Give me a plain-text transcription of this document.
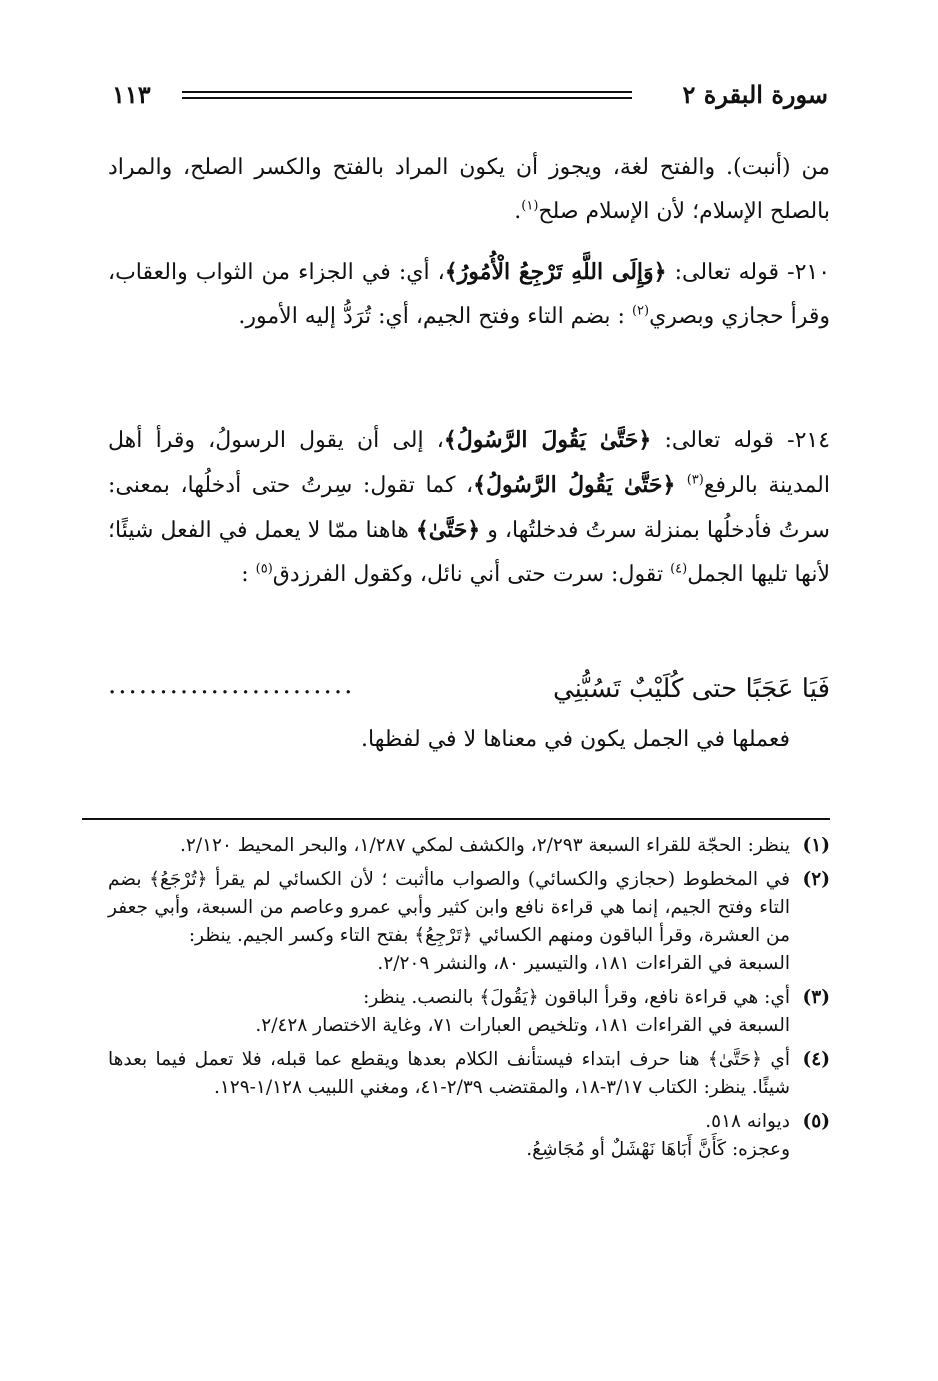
سورة البقرة ٢
١١٣

من (أنبت). والفتح لغة، ويجوز أن يكون المراد بالفتح والكسر الصلح، والمراد بالصلح الإسلام؛ لأن الإسلام صلح$^{(١)}$.

٢١٠- قوله تعالى: ﴿وَإِلَى اللَّهِ تَرْجِعُ الْأُمُورُ﴾، أي: في الجزاء من الثواب والعقاب، وقرأ حجازي وبصري$^{(٢)}$ : بضم التاء وفتح الجيم، أي: تُرَدُّ إليه الأمور.

٢١٤- قوله تعالى: ﴿حَتَّىٰ يَقُولَ الرَّسُولُ﴾، إلى أن يقول الرسولُ، وقرأ أهل المدينة بالرفع$^{(٣)}$ ﴿حَتَّىٰ يَقُولُ الرَّسُولُ﴾، كما تقول: سِرتُ حتى أدخلُها، بمعنى: سرتُ فأدخلُها بمنزلة سرتُ فدخلتُها، و ﴿حَتَّىٰ﴾ هاهنا ممّا لا يعمل في الفعل شيئًا؛ لأنها تليها الجمل$^{(٤)}$ تقول: سرت حتى أني نائل، وكقول الفرزدق$^{(٥)}$ :

فَيَا عَجَبًا حتى كُلَيْبٌ تَسُبُّنِي
........................
فعملها في الجمل يكون في معناها لا في لفظها.
(١)

ينظر: الحجّة للقراء السبعة ٢/٢٩٣، والكشف لمكي ١/٢٨٧، والبحر المحيط ٢/١٢٠.

(٢)

في المخطوط (حجازي والكسائي) والصواب ماأثبت ؛ لأن الكسائي لم يقرأ ﴿تُرْجَعُ﴾ بضم التاء وفتح الجيم، إنما هي قراءة نافع وابن كثير وأبي عمرو وعاصم من السبعة، وأبي جعفر من العشرة، وقرأ الباقون ومنهم الكسائي ﴿تَرْجِعُ﴾ بفتح التاء وكسر الجيم. ينظر:

السبعة في القراءات ١٨١، والتيسير ٨٠، والنشر ٢/٢٠٩.

(٣)

أي: هي قراءة نافع، وقرأ الباقون ﴿يَقُولَ﴾ بالنصب. ينظر:

السبعة في القراءات ١٨١، وتلخيص العبارات ٧١، وغاية الاختصار ٢/٤٢٨.

(٤)

أي ﴿حَتَّىٰ﴾ هنا حرف ابتداء فيستأنف الكلام بعدها ويقطع عما قبله، فلا تعمل فيما بعدها شيئًا. ينظر: الكتاب ٣/١٧-١٨، والمقتضب ٢/٣٩-٤١، ومغني اللبيب ١/١٢٨-١٢٩.

(٥)

ديوانه ٥١٨.

وعجزه: كَأَنَّ أَبَاهَا نَهْشَلٌ أو مُجَاشِعُ.
